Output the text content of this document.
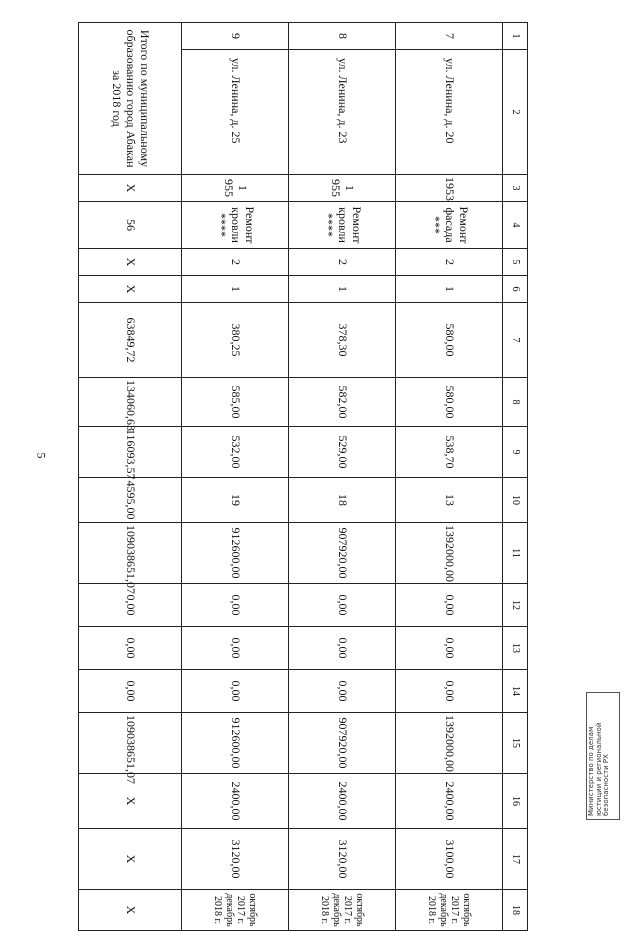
5
1	2	3	4	5	6	7	8	9	10	11	12	13	14	15	16	17	18
7	ул. Ленина, д. 20	1953	Ремонт фасада ***	2	1	580,00	580,00	538,70	13	1392000,00	0,00	0,00	0,00	1392000,00	2400,00	3100,00	октябрь 2017 г. декабрь 2018 г.
8	ул. Ленина, д. 23	1 955	Ремонт кровли ****	2	1	378,30	582,00	529,00	18	907920,00	0,00	0,00	0,00	907920,00	2400,00	3120,00	октябрь 2017 г. декабрь 2018 г.
9	ул. Ленина, д. 25	1 955	Ремонт кровли ****	2	1	380,25	585,00	532,00	19	912600,00	0,00	0,00	0,00	912600,00	2400,00	3120,00	октябрь 2017 г. декабрь 2018 г.
Итого по муниципальному образованию город Абакан за 2018 год		X	56	X	X	63849,72	134060,63	116093,57	4595,00	109038651,07	0,00	0,00	0,00	109038651,07	X	X	X
Министерство по делам юстиции и региональной безопасности РХ
